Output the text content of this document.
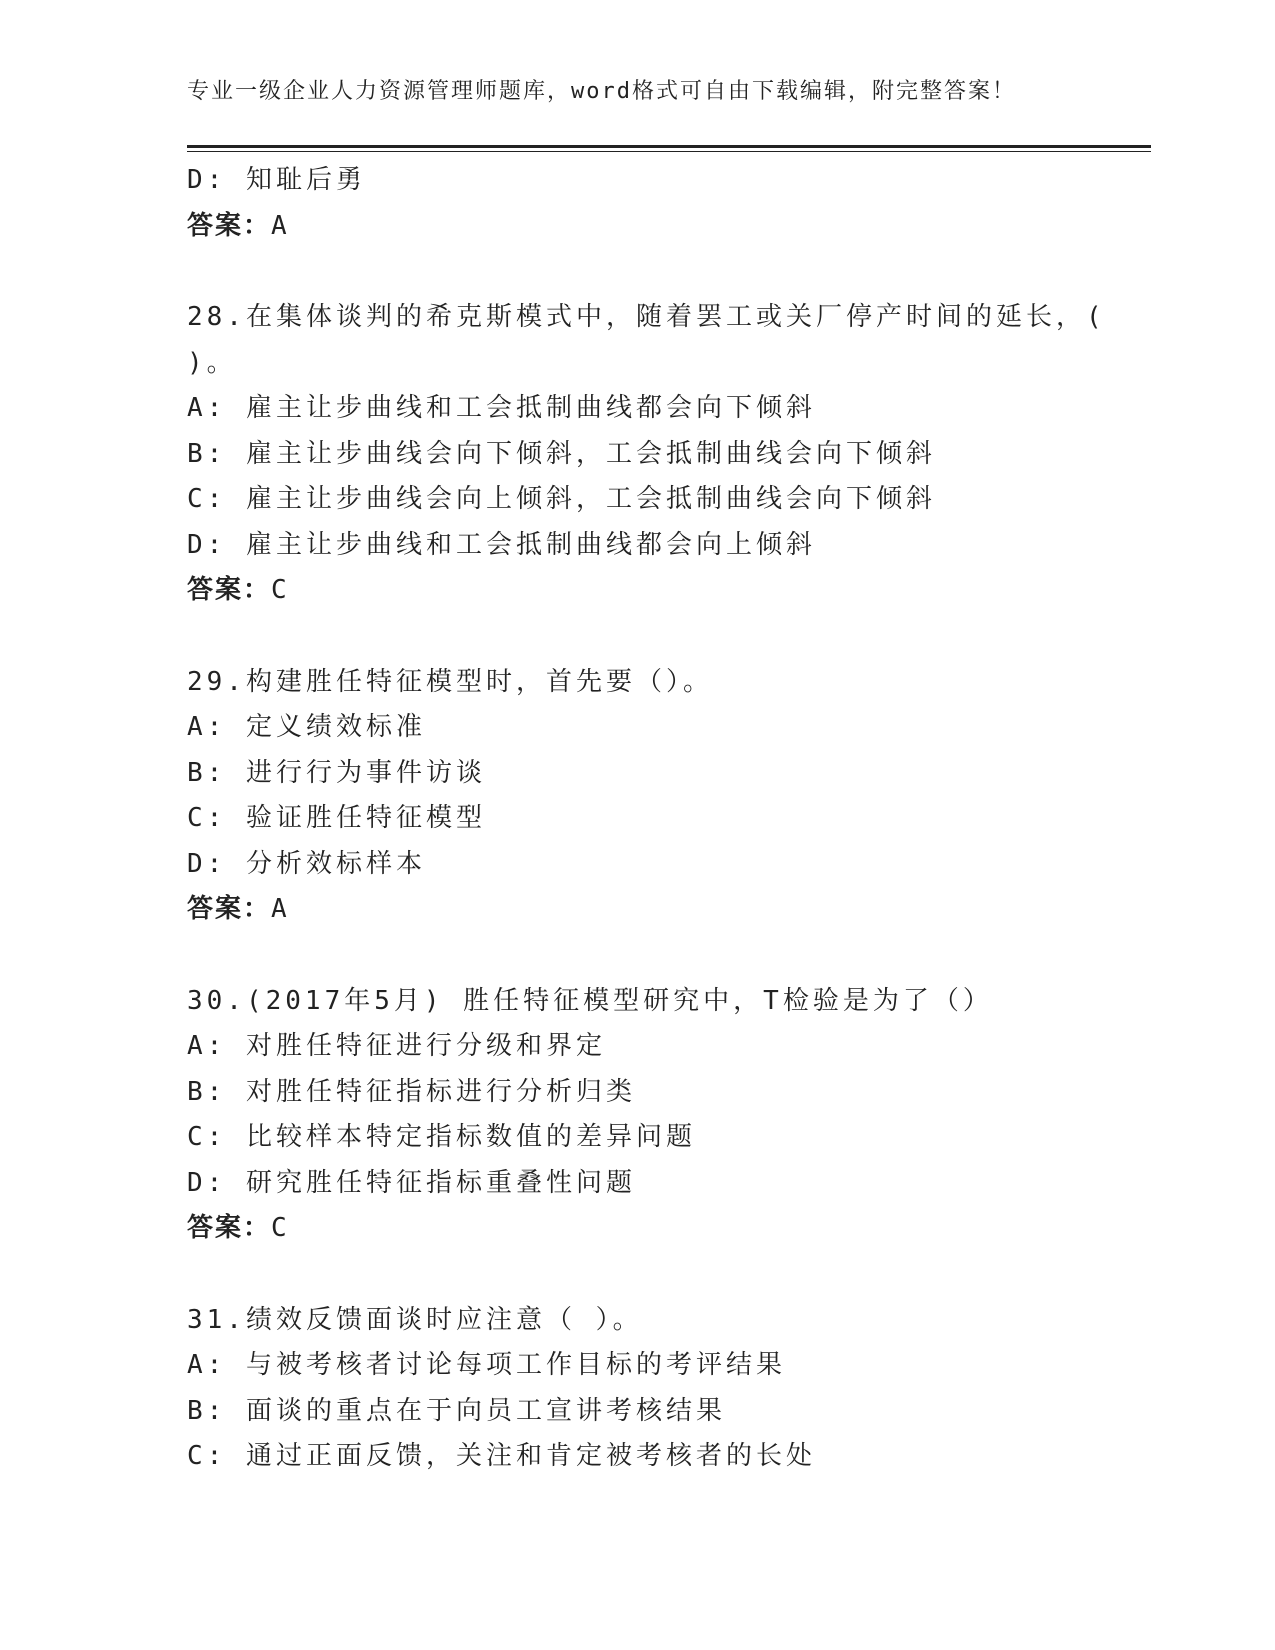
专业一级企业人力资源管理师题库，word格式可自由下载编辑，附完整答案！
D: 知耻后勇
答案：A
28.在集体谈判的希克斯模式中，随着罢工或关厂停产时间的延长，(
)。
A: 雇主让步曲线和工会抵制曲线都会向下倾斜
B: 雇主让步曲线会向下倾斜，工会抵制曲线会向下倾斜
C: 雇主让步曲线会向上倾斜，工会抵制曲线会向下倾斜
D: 雇主让步曲线和工会抵制曲线都会向上倾斜
答案：C
29.构建胜任特征模型时，首先要（）。
A: 定义绩效标准
B: 进行行为事件访谈
C: 验证胜任特征模型
D: 分析效标样本
答案：A
30.(2017年5月) 胜任特征模型研究中，T检验是为了（）
A: 对胜任特征进行分级和界定
B: 对胜任特征指标进行分析归类
C: 比较样本特定指标数值的差异问题
D: 研究胜任特征指标重叠性问题
答案：C
31.绩效反馈面谈时应注意（ ）。
A: 与被考核者讨论每项工作目标的考评结果
B: 面谈的重点在于向员工宣讲考核结果
C: 通过正面反馈，关注和肯定被考核者的长处
